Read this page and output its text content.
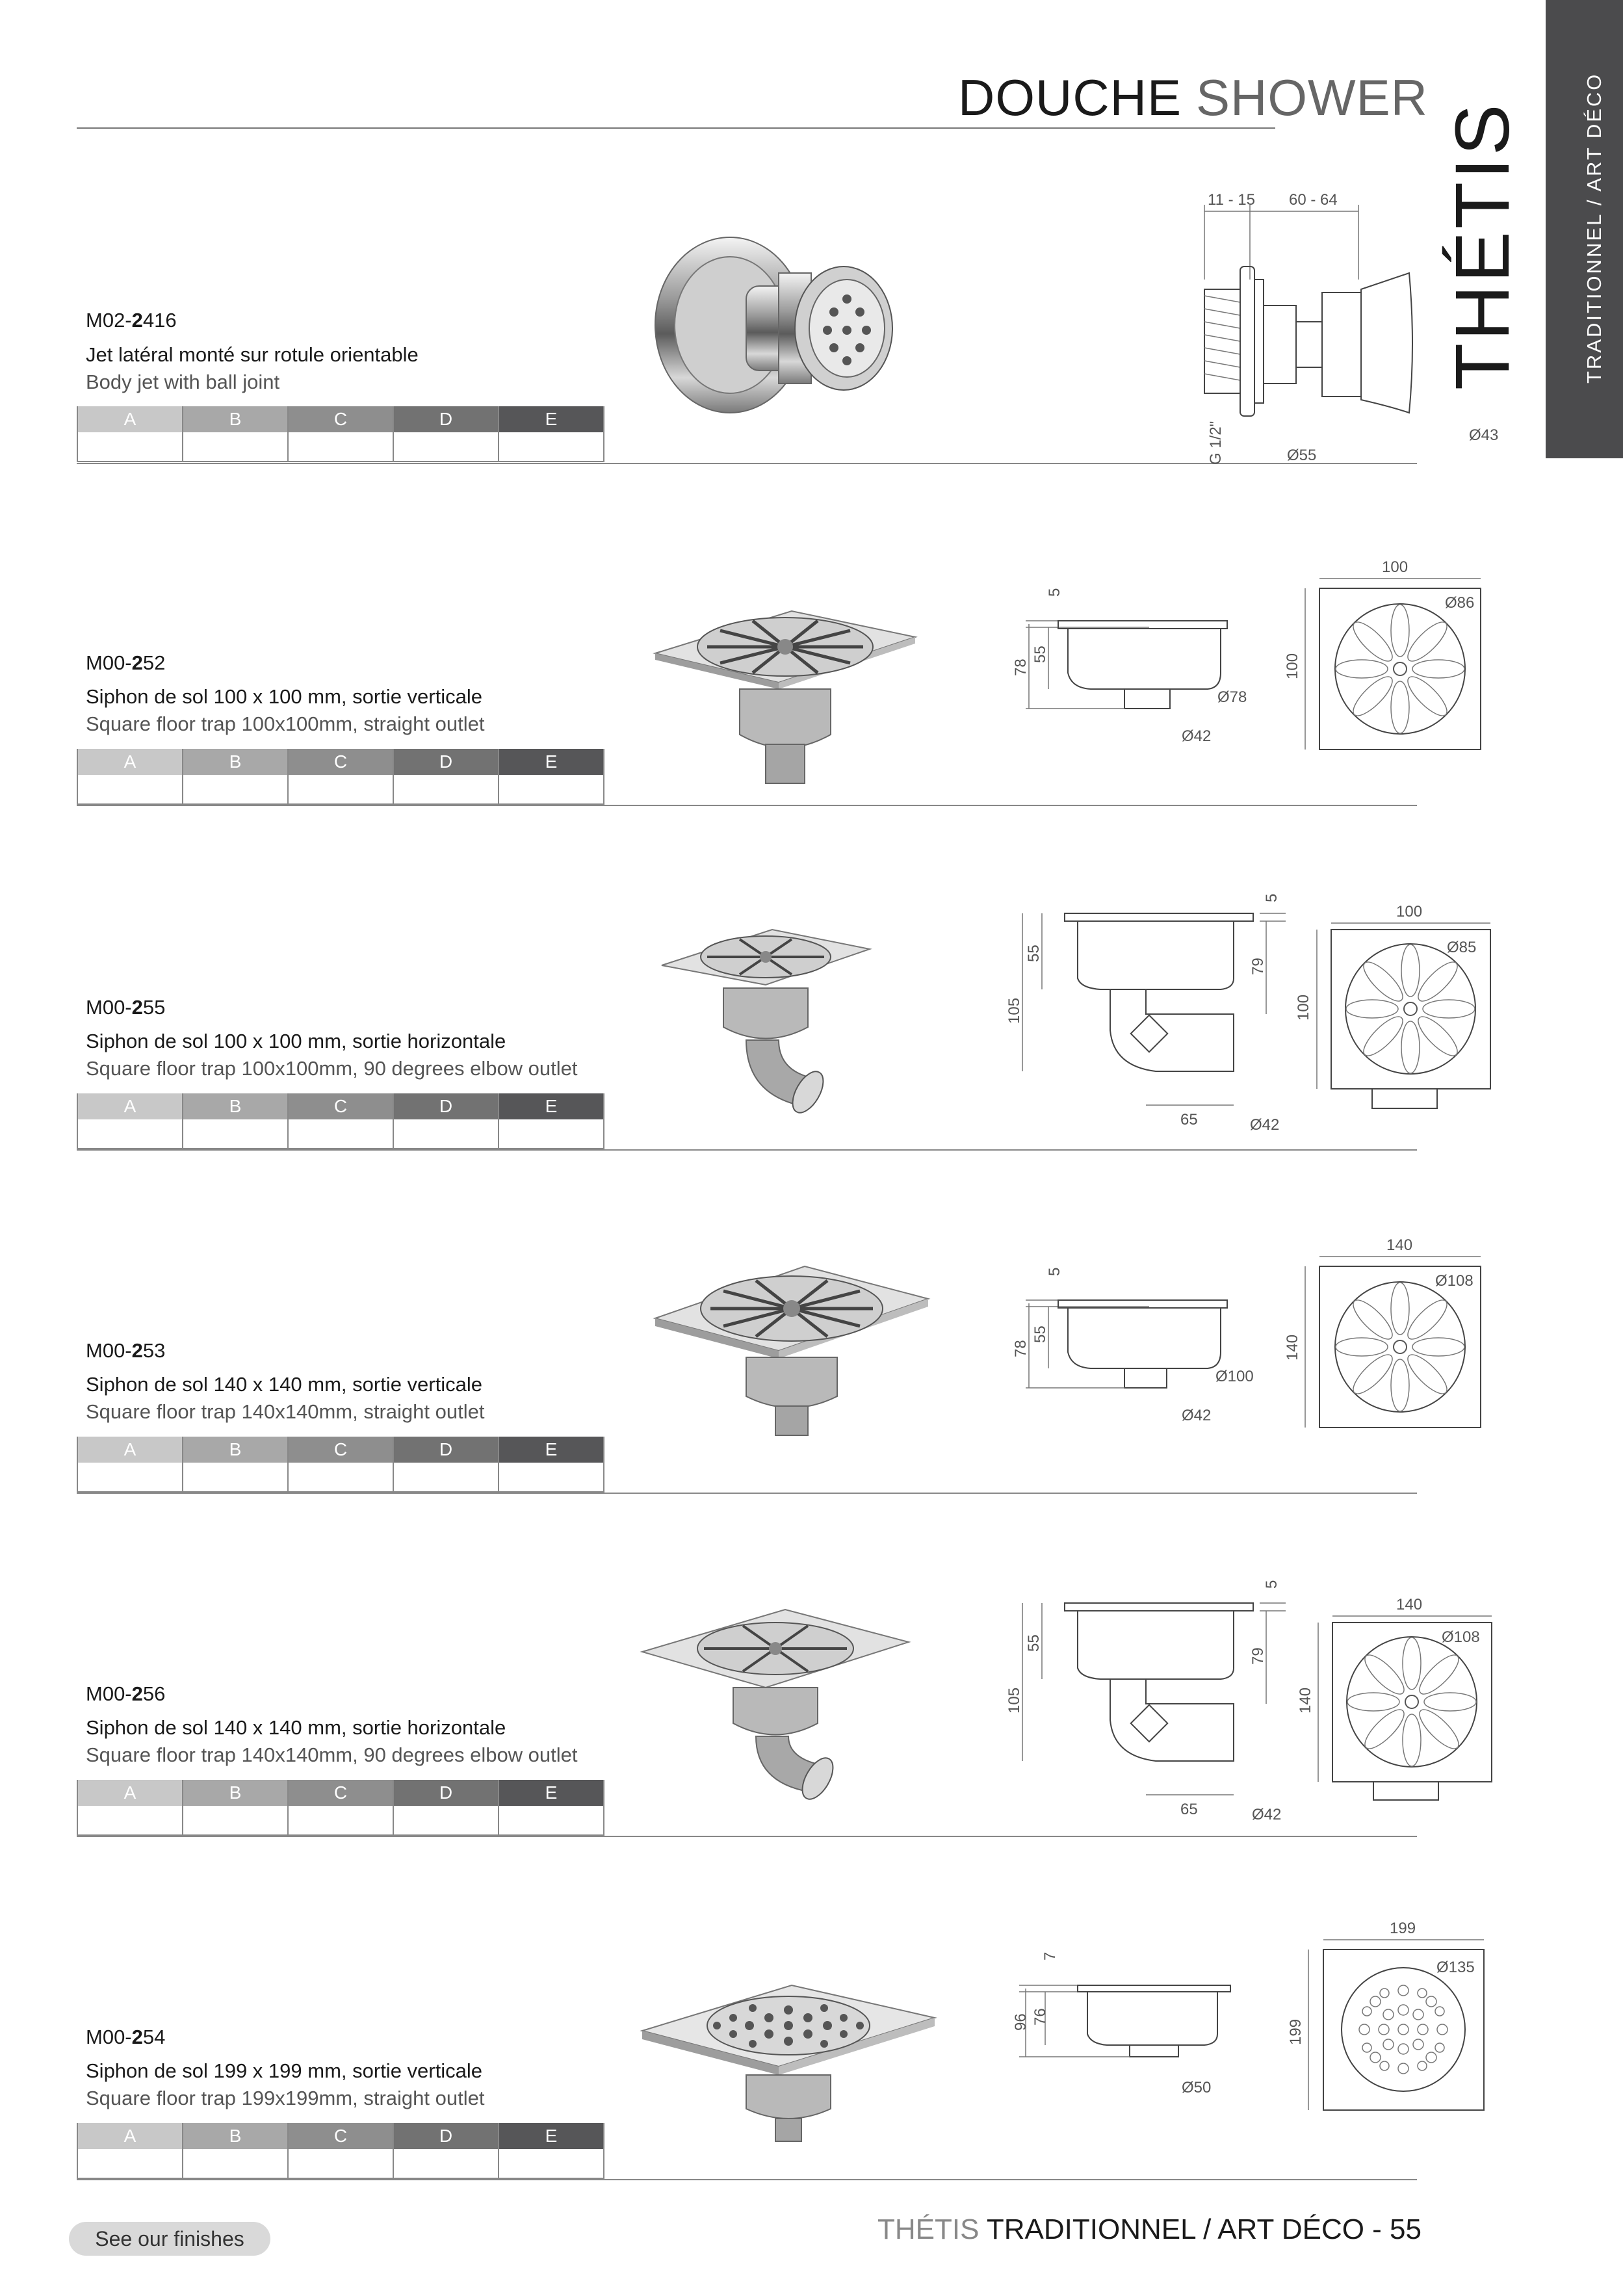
DOUCHE SHOWER	TRADITIONNEL / ART DÉCO
THÉTIS
M02-2416
Jet latéral monté sur rotule orientable
Body jet with ball joint
A	B	C	D	E
11 - 15 60 - 64
G 1/2"	Ø55
Ø43
M00-252
Siphon de sol 100 x 100 mm, sortie verticale
Square floor trap 100x100mm, straight outlet
A	B	C	D	E
5
78
55
Ø78
Ø42
100
Ø86
100
M00-255
Siphon de sol 100 x 100 mm, sortie horizontale
Square floor trap 100x100mm, 90 degrees elbow outlet
A	B	C	D	E
5
105
55
79
65	Ø42
100
Ø85
100
M00-253
Siphon de sol 140 x 140 mm, sortie verticale
Square floor trap 140x140mm, straight outlet
A	B	C	D	E
5
78
55
Ø100
Ø42
140
Ø108
140
M00-256
Siphon de sol 140 x 140 mm, sortie horizontale
Square floor trap 140x140mm, 90 degrees elbow outlet
A	B	C	D	E
5
105
55
79
65	Ø42
140
Ø108
140
M00-254
Siphon de sol 199 x 199 mm, sortie verticale
Square floor trap 199x199mm, straight outlet
A	B	C	D	E
7
96 76
Ø50
199
Ø135
199
See our finishes	THÉTIS TRADITIONNEL / ART DÉCO - 55
